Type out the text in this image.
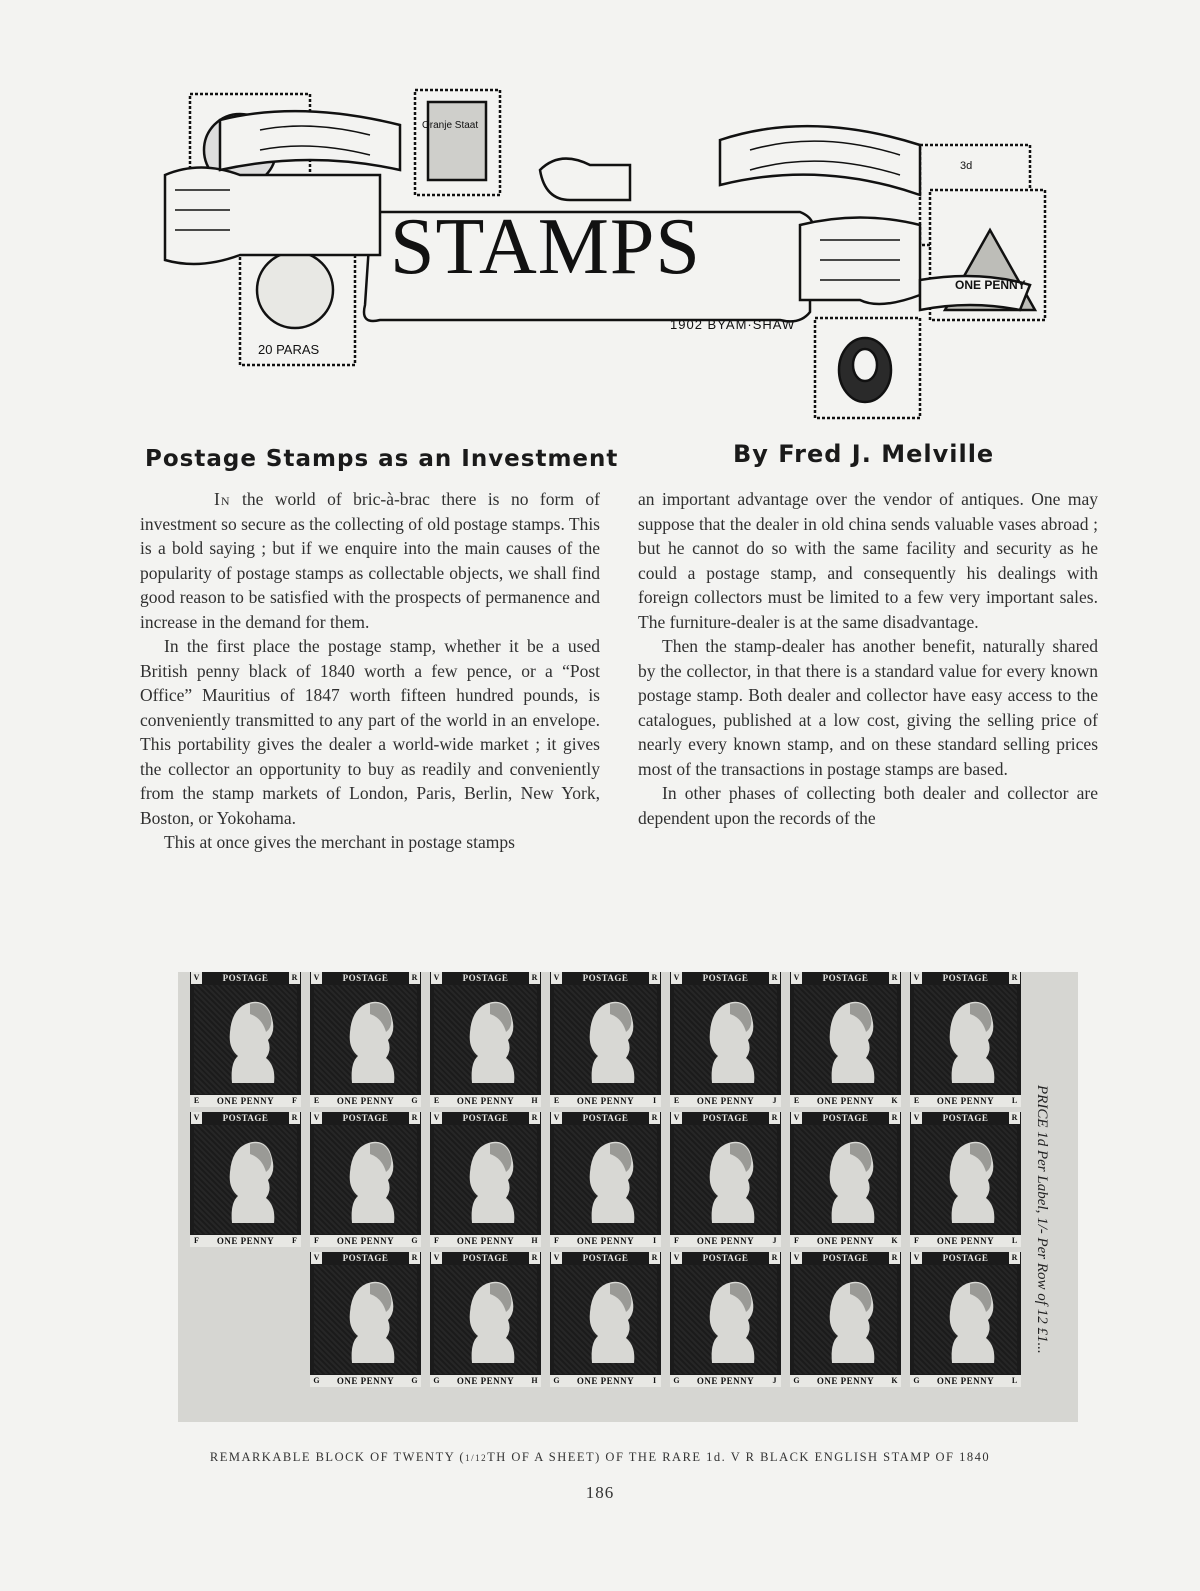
STAMPS
1902 BYAM·SHAW
20 PARAS
ONE PENNY
Oranje Staat
3d
Postage Stamps as an Investment	By Fred J. Melville

In the world of bric-à-brac there is no form of investment so secure as the collecting of old postage stamps. This is a bold saying ; but if we enquire into the main causes of the popularity of postage stamps as collectable objects, we shall find good reason to be satisfied with the prospects of permanence and increase in the demand for them.

In the first place the postage stamp, whether it be a used British penny black of 1840 worth a few pence, or a “Post Office” Mauritius of 1847 worth fifteen hundred pounds, is conveniently transmitted to any part of the world in an envelope. This portability gives the dealer a world-wide market ; it gives the collector an opportunity to buy as readily and conveniently from the stamp markets of London, Paris, Berlin, New York, Boston, or Yokohama.

This at once gives the merchant in postage stamps

an important advantage over the vendor of antiques. One may suppose that the dealer in old china sends valuable vases abroad ; but he cannot do so with the same facility and security as he could a postage stamp, and consequently his dealings with foreign collectors must be limited to a few very important sales. The furniture-dealer is at the same disadvantage.

Then the stamp-dealer has another benefit, naturally shared by the collector, in that there is a standard value for every known postage stamp. Both dealer and collector have easy access to the catalogues, published at a low cost, giving the selling price of nearly every known stamp, and on these standard selling prices most of the transactions in postage stamps are based.

In other phases of collecting both dealer and collector are dependent upon the records of the

POSTAGE
V	R
ONE PENNY
E	F
POSTAGE
V	R
ONE PENNY
E	G
POSTAGE
V	R
ONE PENNY
E	H
POSTAGE
V	R
ONE PENNY
E	I
POSTAGE
V	R
ONE PENNY
E	J
POSTAGE
V	R
ONE PENNY
E	K
POSTAGE
V	R
ONE PENNY
E	L
POSTAGE
V	R
ONE PENNY
F	F
POSTAGE
V	R
ONE PENNY
F	G
POSTAGE
V	R
ONE PENNY
F	H
POSTAGE
V	R
ONE PENNY
F	I
POSTAGE
V	R
ONE PENNY
F	J
POSTAGE
V	R
ONE PENNY
F	K
POSTAGE
V	R
ONE PENNY
F	L
POSTAGE
V	R
ONE PENNY
G	G
POSTAGE
V	R
ONE PENNY
G	H
POSTAGE
V	R
ONE PENNY
G	I
POSTAGE
V	R
ONE PENNY
G	J
POSTAGE
V	R
ONE PENNY
G	K
POSTAGE
V	R
ONE PENNY
G	L
PRICE 1d Per Label, 1/- Per Row of 12 £1...
REMARKABLE BLOCK OF TWENTY (1/12TH OF A SHEET) OF THE RARE 1d. V R BLACK ENGLISH STAMP OF 1840
186
